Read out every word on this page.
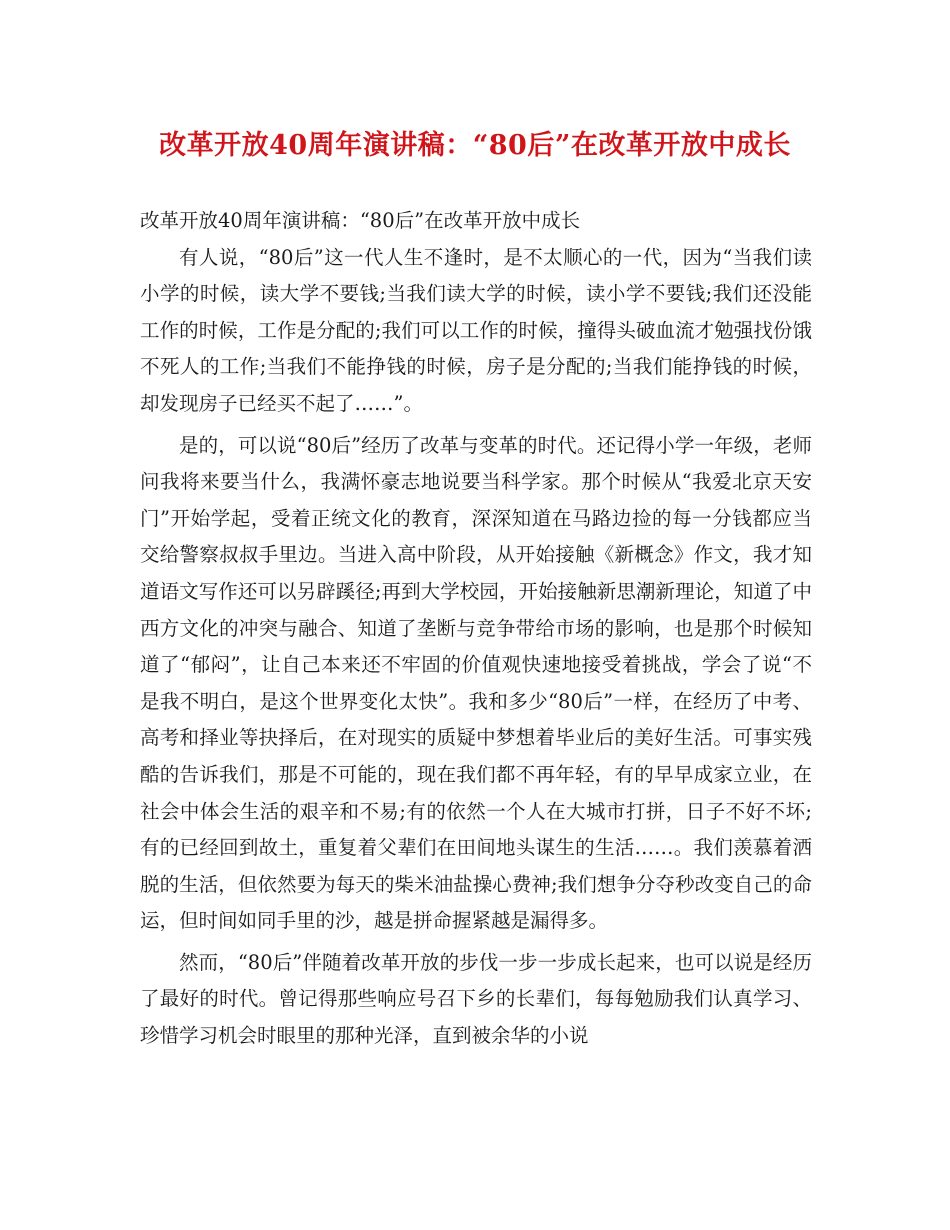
改革开放40周年演讲稿：“80后”在改革开放中成长

改革开放40周年演讲稿：“80后”在改革开放中成长

有人说，“80后”这一代人生不逢时，是不太顺心的一代，因为“当我们读小学的时候，读大学不要钱;当我们读大学的时候，读小学不要钱;我们还没能工作的时候，工作是分配的;我们可以工作的时候，撞得头破血流才勉强找份饿不死人的工作;当我们不能挣钱的时候，房子是分配的;当我们能挣钱的时候，却发现房子已经买不起了……”。

是的，可以说“80后”经历了改革与变革的时代。还记得小学一年级，老师问我将来要当什么，我满怀豪志地说要当科学家。那个时候从“我爱北京天安门”开始学起，受着正统文化的教育，深深知道在马路边捡的每一分钱都应当交给警察叔叔手里边。当进入高中阶段，从开始接触《新概念》作文，我才知道语文写作还可以另辟蹊径;再到大学校园，开始接触新思潮新理论，知道了中西方文化的冲突与融合、知道了垄断与竞争带给市场的影响，也是那个时候知道了“郁闷”，让自己本来还不牢固的价值观快速地接受着挑战，学会了说“不是我不明白，是这个世界变化太快”。我和多少“80后”一样，在经历了中考、高考和择业等抉择后，在对现实的质疑中梦想着毕业后的美好生活。可事实残酷的告诉我们，那是不可能的，现在我们都不再年轻，有的早早成家立业，在社会中体会生活的艰辛和不易;有的依然一个人在大城市打拼，日子不好不坏;有的已经回到故土，重复着父辈们在田间地头谋生的生活……。我们羡慕着洒脱的生活，但依然要为每天的柴米油盐操心费神;我们想争分夺秒改变自己的命运，但时间如同手里的沙，越是拼命握紧越是漏得多。

然而，“80后”伴随着改革开放的步伐一步一步成长起来，也可以说是经历了最好的时代。曾记得那些响应号召下乡的长辈们，每每勉励我们认真学习、珍惜学习机会时眼里的那种光泽，直到被余华的小说
